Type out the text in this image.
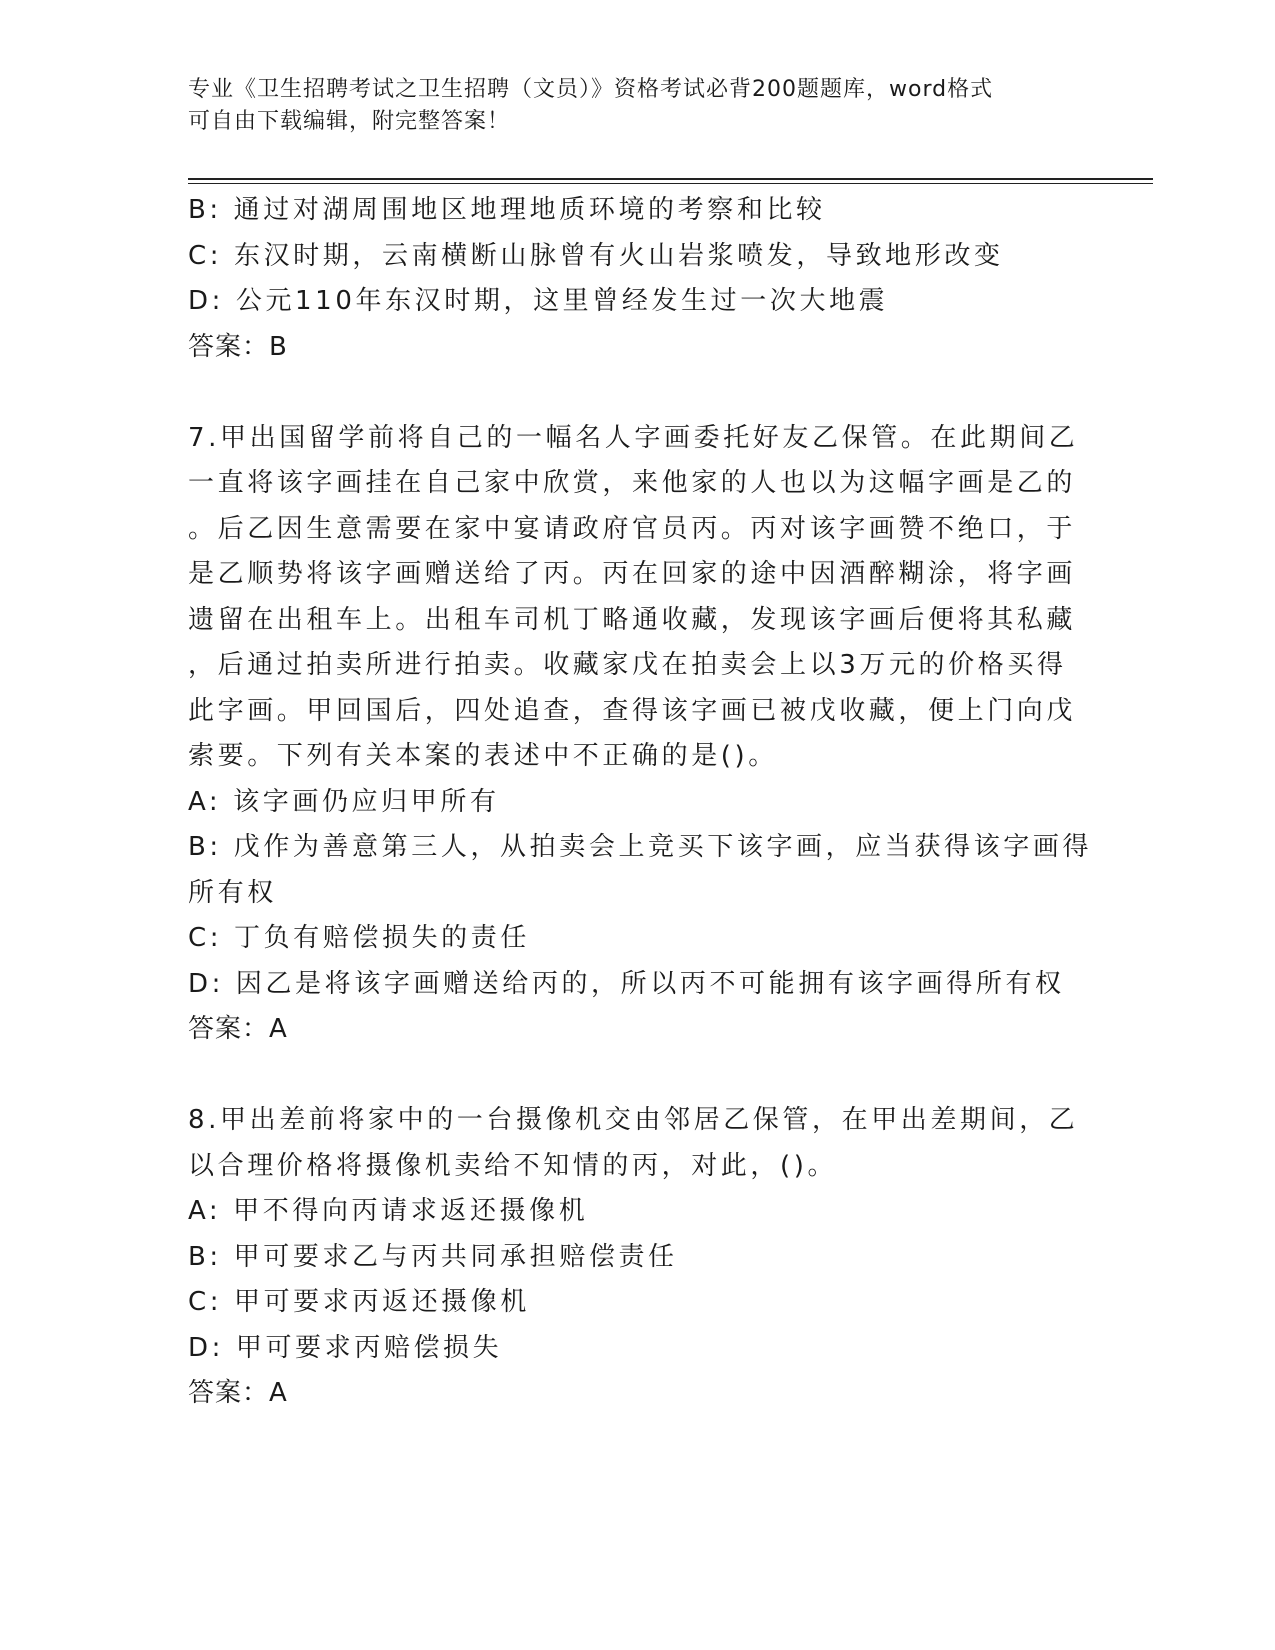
专业《卫生招聘考试之卫生招聘（文员）》资格考试必背200题题库，word格式
可自由下载编辑，附完整答案！
B: 通过对湖周围地区地理地质环境的考察和比较
C: 东汉时期，云南横断山脉曾有火山岩浆喷发，导致地形改变
D: 公元110年东汉时期，这里曾经发生过一次大地震
答案：B
7.甲出国留学前将自己的一幅名人字画委托好友乙保管。在此期间乙
一直将该字画挂在自己家中欣赏，来他家的人也以为这幅字画是乙的
。后乙因生意需要在家中宴请政府官员丙。丙对该字画赞不绝口，于
是乙顺势将该字画赠送给了丙。丙在回家的途中因酒醉糊涂，将字画
遗留在出租车上。出租车司机丁略通收藏，发现该字画后便将其私藏
，后通过拍卖所进行拍卖。收藏家戊在拍卖会上以3万元的价格买得
此字画。甲回国后，四处追查，查得该字画已被戊收藏，便上门向戊
索要。下列有关本案的表述中不正确的是()。
A: 该字画仍应归甲所有
B: 戊作为善意第三人，从拍卖会上竞买下该字画，应当获得该字画得
所有权
C: 丁负有赔偿损失的责任
D: 因乙是将该字画赠送给丙的，所以丙不可能拥有该字画得所有权
答案：A
8.甲出差前将家中的一台摄像机交由邻居乙保管，在甲出差期间，乙
以合理价格将摄像机卖给不知情的丙，对此，()。
A: 甲不得向丙请求返还摄像机
B: 甲可要求乙与丙共同承担赔偿责任
C: 甲可要求丙返还摄像机
D: 甲可要求丙赔偿损失
答案：A
